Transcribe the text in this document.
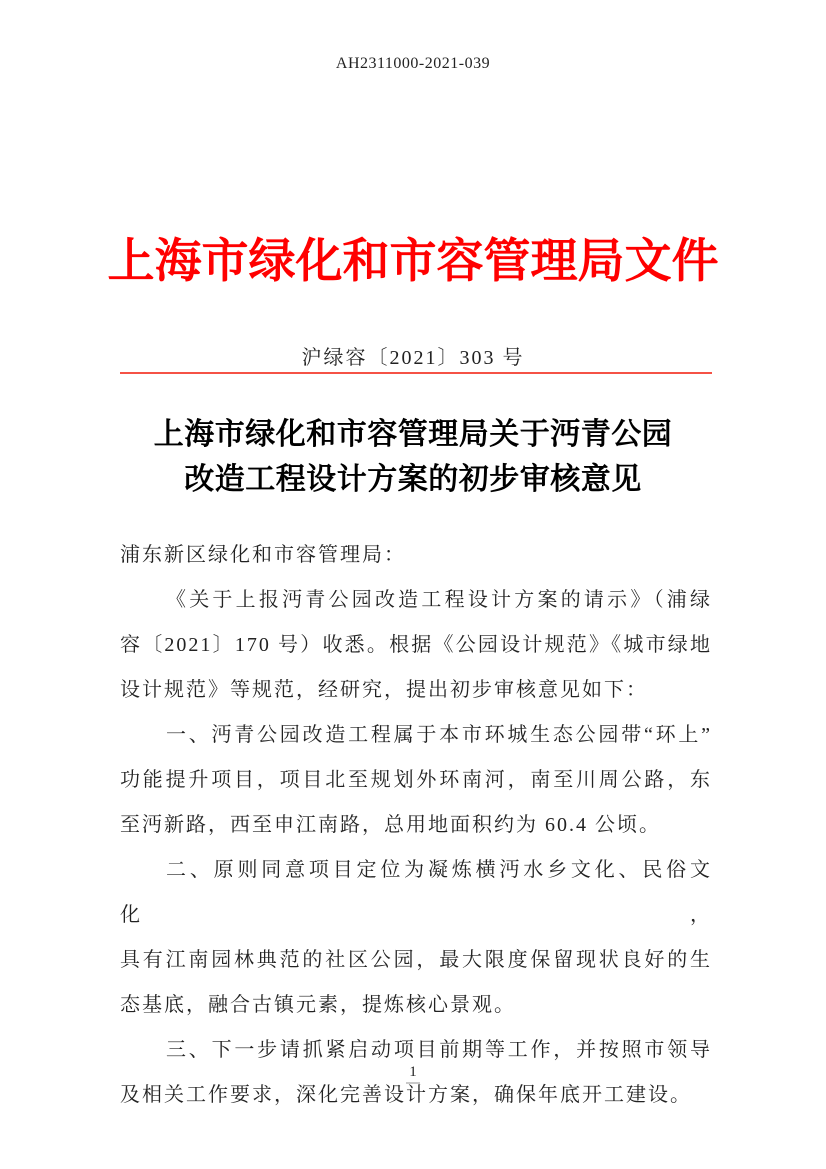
AH2311000-2021-039
上海市绿化和市容管理局文件
沪绿容〔2021〕303 号
上海市绿化和市容管理局关于沔青公园
改造工程设计方案的初步审核意见
浦东新区绿化和市容管理局：
《关于上报沔青公园改造工程设计方案的请示》（浦绿
容〔2021〕170 号）收悉。根据《公园设计规范》《城市绿地
设计规范》等规范，经研究，提出初步审核意见如下：
一、沔青公园改造工程属于本市环城生态公园带“环上”
功能提升项目，项目北至规划外环南河，南至川周公路，东
至沔新路，西至申江南路，总用地面积约为 60.4 公顷。
二、原则同意项目定位为凝炼横沔水乡文化、民俗文化，
具有江南园林典范的社区公园，最大限度保留现状良好的生
态基底，融合古镇元素，提炼核心景观。
三、下一步请抓紧启动项目前期等工作，并按照市领导
及相关工作要求，深化完善设计方案，确保年底开工建设。
1
